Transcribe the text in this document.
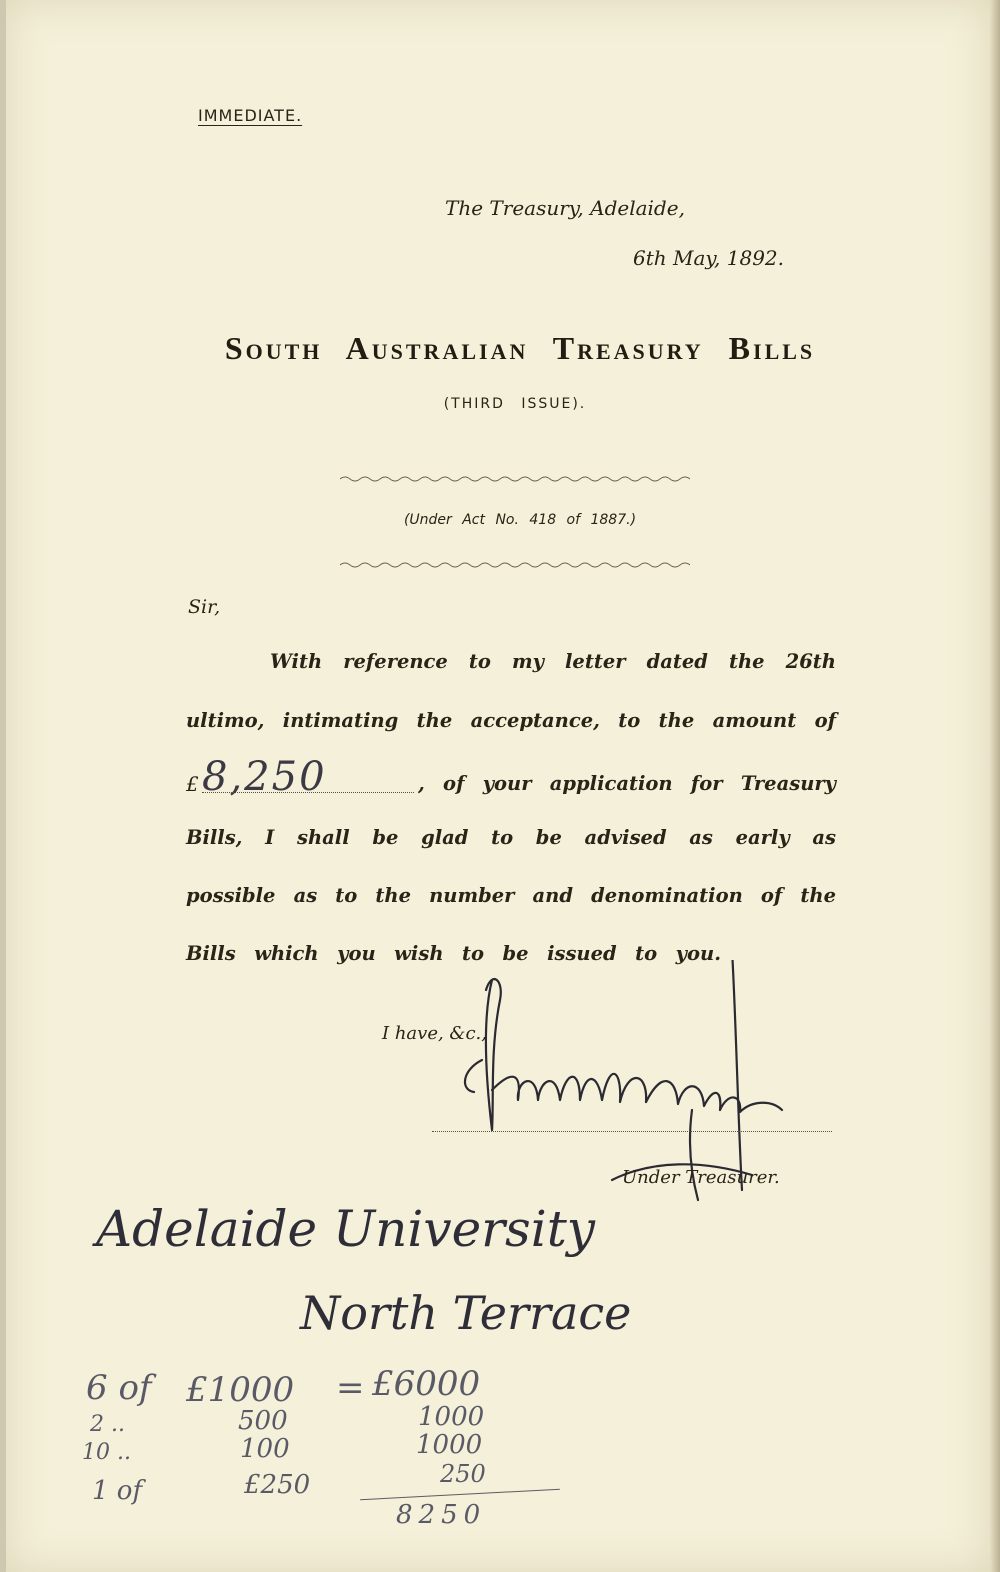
IMMEDIATE.

The Treasury, Adelaide,

6th May, 1892.

South Australian Treasury Bills

(THIRD ISSUE).

(Under Act No. 418 of 1887.)

Sir,

With reference to my letter dated the 26th

ultimo, intimating the acceptance, to the amount of

£ 8,250	, of your application for Treasury

Bills, I shall be glad to be advised as early as

possible as to the number and denomination of the

Bills which you wish to be issued to you.

I have, &c.,

Under Treasurer.

Adelaide University

North Terrace

6 of £1000 = £6000
2 ..	500	1000
10 ..	100	1000
1 of	£250	250
8250
